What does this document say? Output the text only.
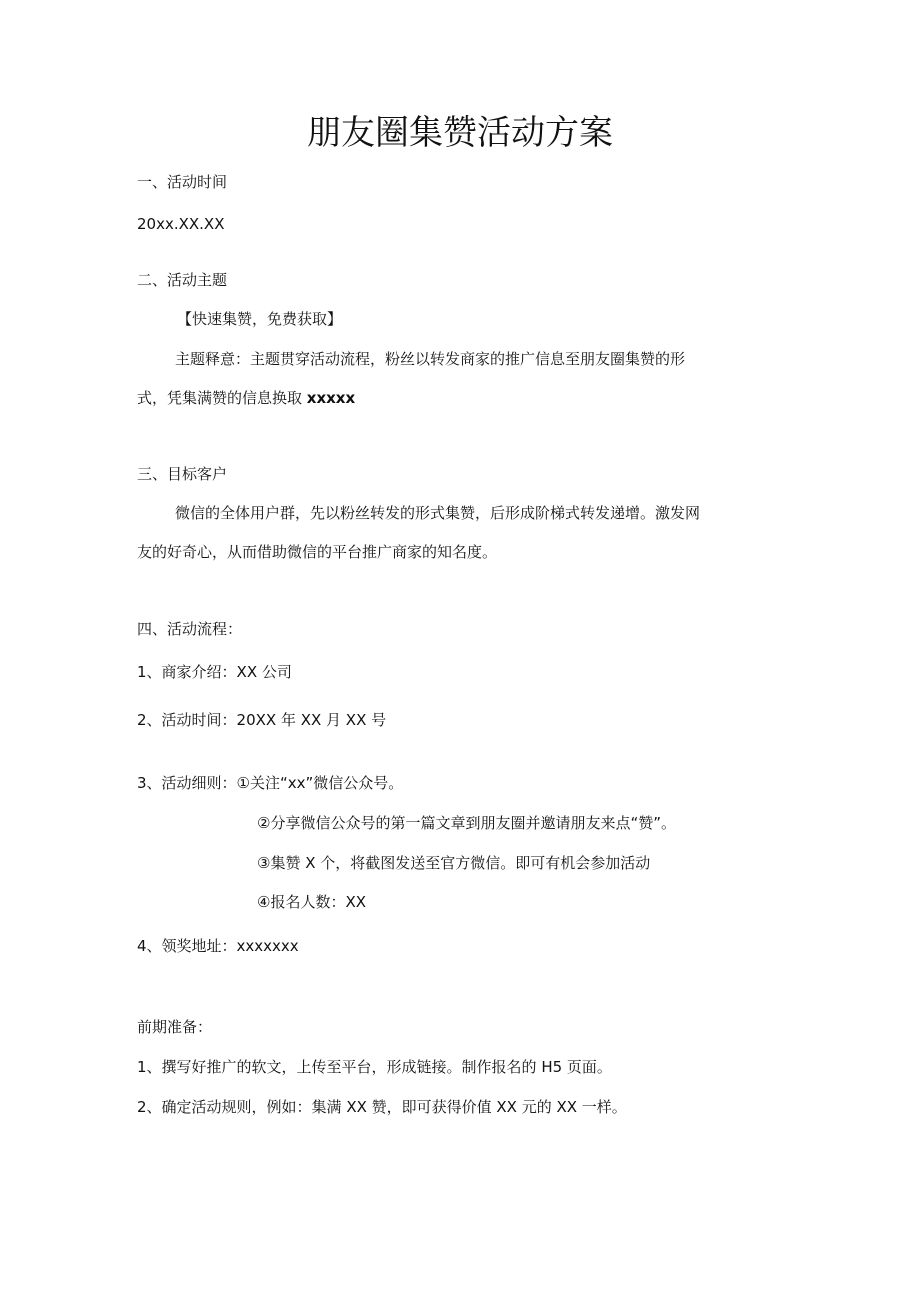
朋友圈集赞活动方案

一、活动时间

20xx.XX.XX

二、活动主题

【快速集赞，免费获取】

主题释意：主题贯穿活动流程，粉丝以转发商家的推广信息至朋友圈集赞的形

式，凭集满赞的信息换取 xxxxx

三、目标客户

微信的全体用户群，先以粉丝转发的形式集赞，后形成阶梯式转发递增。激发网

友的好奇心，从而借助微信的平台推广商家的知名度。

四、活动流程：

1、商家介绍：XX 公司

2、活动时间：20XX 年 XX 月 XX 号

3、活动细则：①关注“xx”微信公众号。

②分享微信公众号的第一篇文章到朋友圈并邀请朋友来点“赞”。

③集赞 X 个，将截图发送至官方微信。即可有机会参加活动

④报名人数：XX

4、领奖地址：xxxxxxx

前期准备：

1、撰写好推广的软文，上传至平台，形成链接。制作报名的 H5 页面。

2、确定活动规则，例如：集满 XX 赞，即可获得价值 XX 元的 XX 一样。
